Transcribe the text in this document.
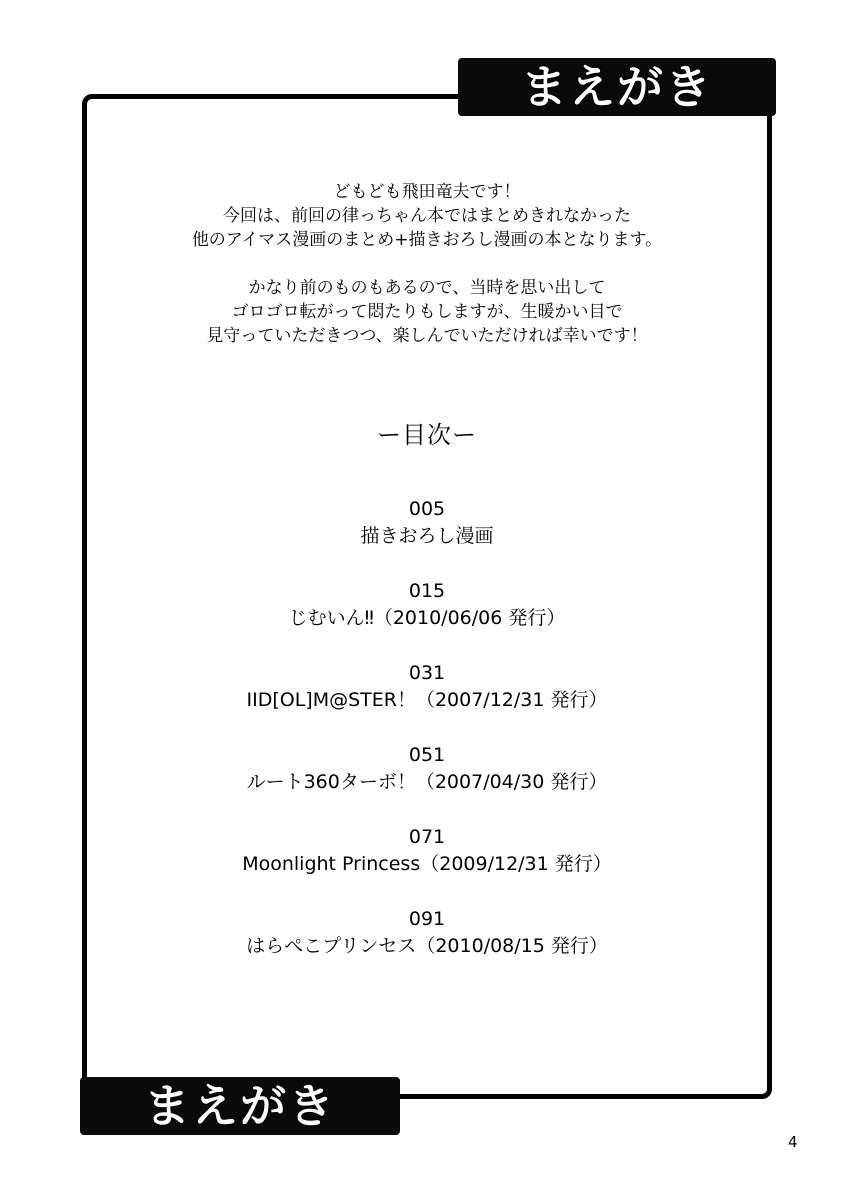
まえがき
どもども飛田竜夫です！
今回は、前回の律っちゃん本ではまとめきれなかった
他のアイマス漫画のまとめ+描きおろし漫画の本となります。
かなり前のものもあるので、当時を思い出して
ゴロゴロ転がって悶たりもしますが、生暖かい目で
見守っていただきつつ、楽しんでいただければ幸いです！
ー目次ー
005
描きおろし漫画
015
じむいん‼（2010/06/06 発行）
031
IID[OL]M@STER！（2007/12/31 発行）
051
ルート360ターボ！（2007/04/30 発行）
071
Moonlight Princess（2009/12/31 発行）
091
はらぺこプリンセス（2010/08/15 発行）
まえがき
4
